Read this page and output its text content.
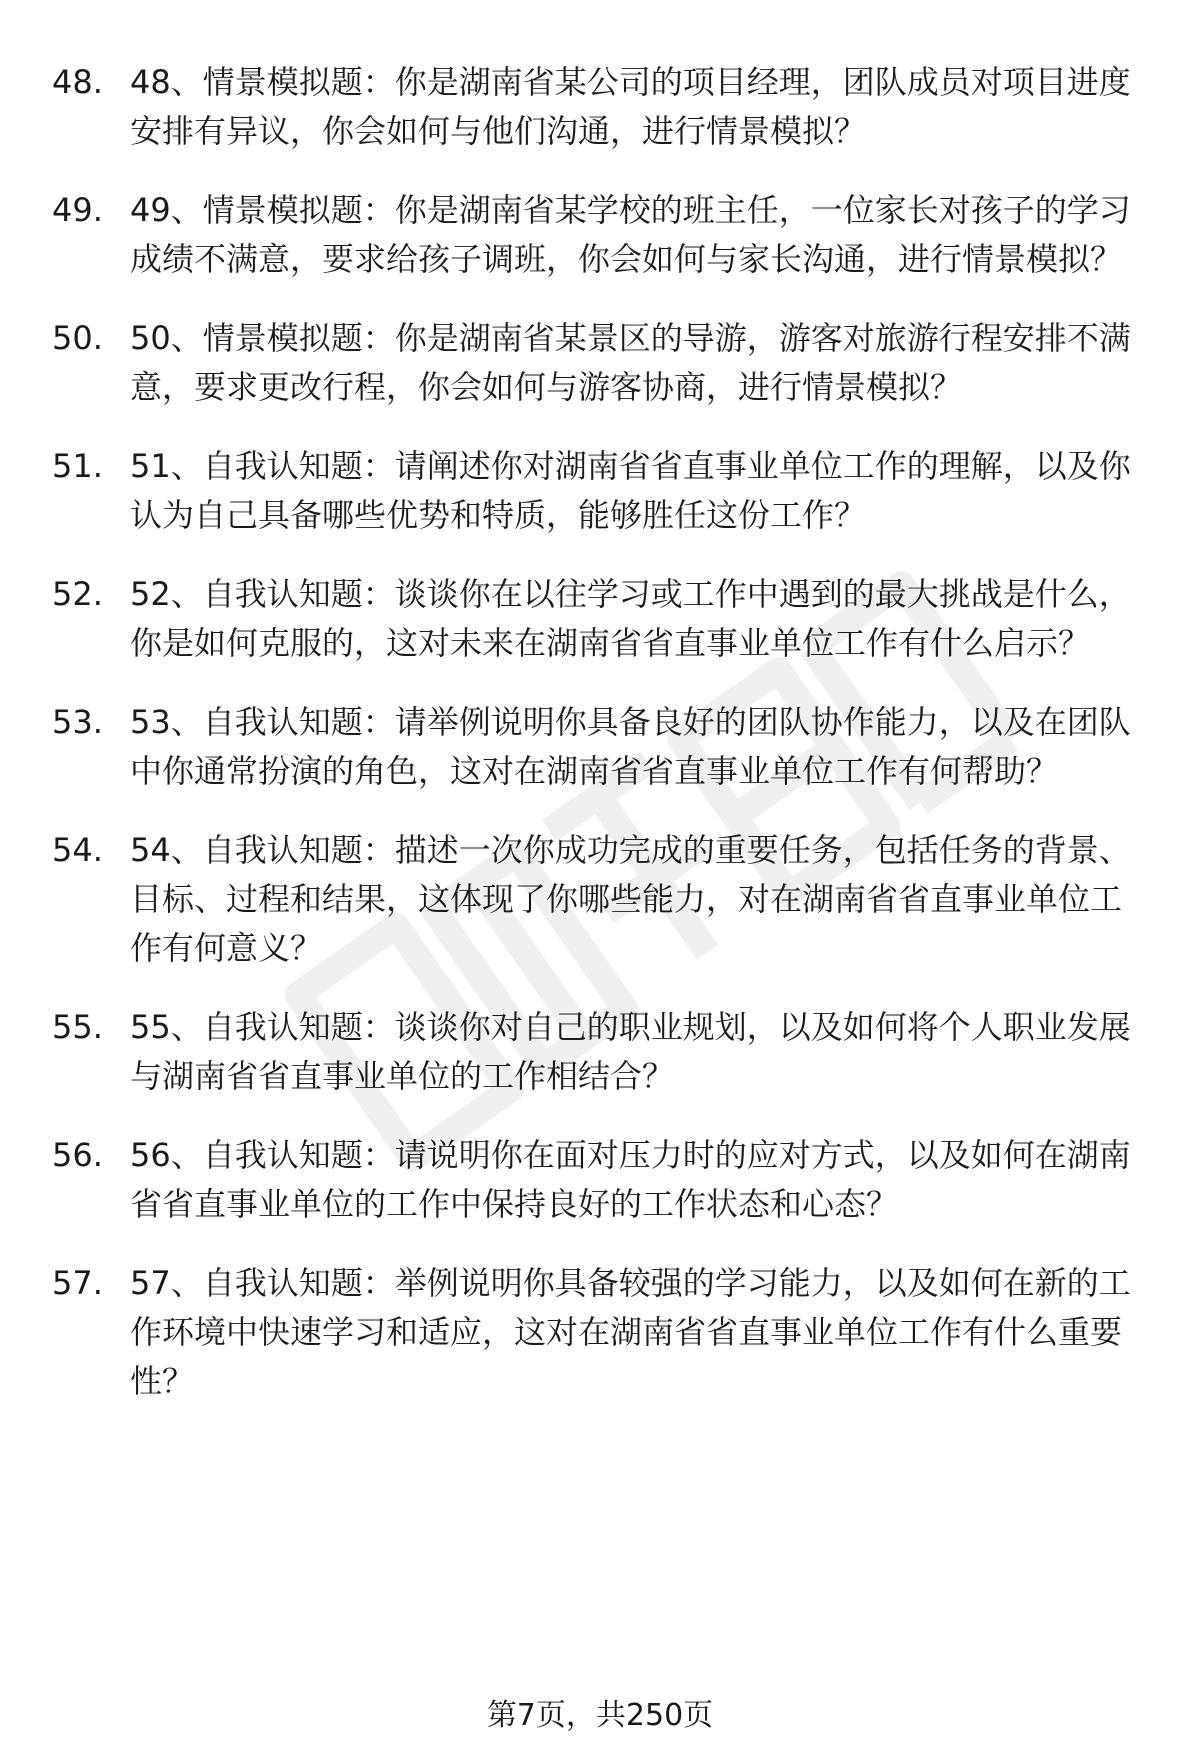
48. 48、情景模拟题：你是湖南省某公司的项目经理，团队成员对项目进度安排有异议，你会如何与他们沟通，进行情景模拟？
49. 49、情景模拟题：你是湖南省某学校的班主任，一位家长对孩子的学习成绩不满意，要求给孩子调班，你会如何与家长沟通，进行情景模拟？
50. 50、情景模拟题：你是湖南省某景区的导游，游客对旅游行程安排不满意，要求更改行程，你会如何与游客协商，进行情景模拟？
51. 51、自我认知题：请阐述你对湖南省省直事业单位工作的理解，以及你认为自己具备哪些优势和特质，能够胜任这份工作？
52. 52、自我认知题：谈谈你在以往学习或工作中遇到的最大挑战是什么，你是如何克服的，这对未来在湖南省省直事业单位工作有什么启示？
53. 53、自我认知题：请举例说明你具备良好的团队协作能力，以及在团队中你通常扮演的角色，这对在湖南省省直事业单位工作有何帮助？
54. 54、自我认知题：描述一次你成功完成的重要任务，包括任务的背景、目标、过程和结果，这体现了你哪些能力，对在湖南省省直事业单位工作有何意义？
55. 55、自我认知题：谈谈你对自己的职业规划，以及如何将个人职业发展与湖南省省直事业单位的工作相结合？
56. 56、自我认知题：请说明你在面对压力时的应对方式，以及如何在湖南省省直事业单位的工作中保持良好的工作状态和心态？
57. 57、自我认知题：举例说明你具备较强的学习能力，以及如何在新的工作环境中快速学习和适应，这对在湖南省省直事业单位工作有什么重要性？
第7页，共250页
